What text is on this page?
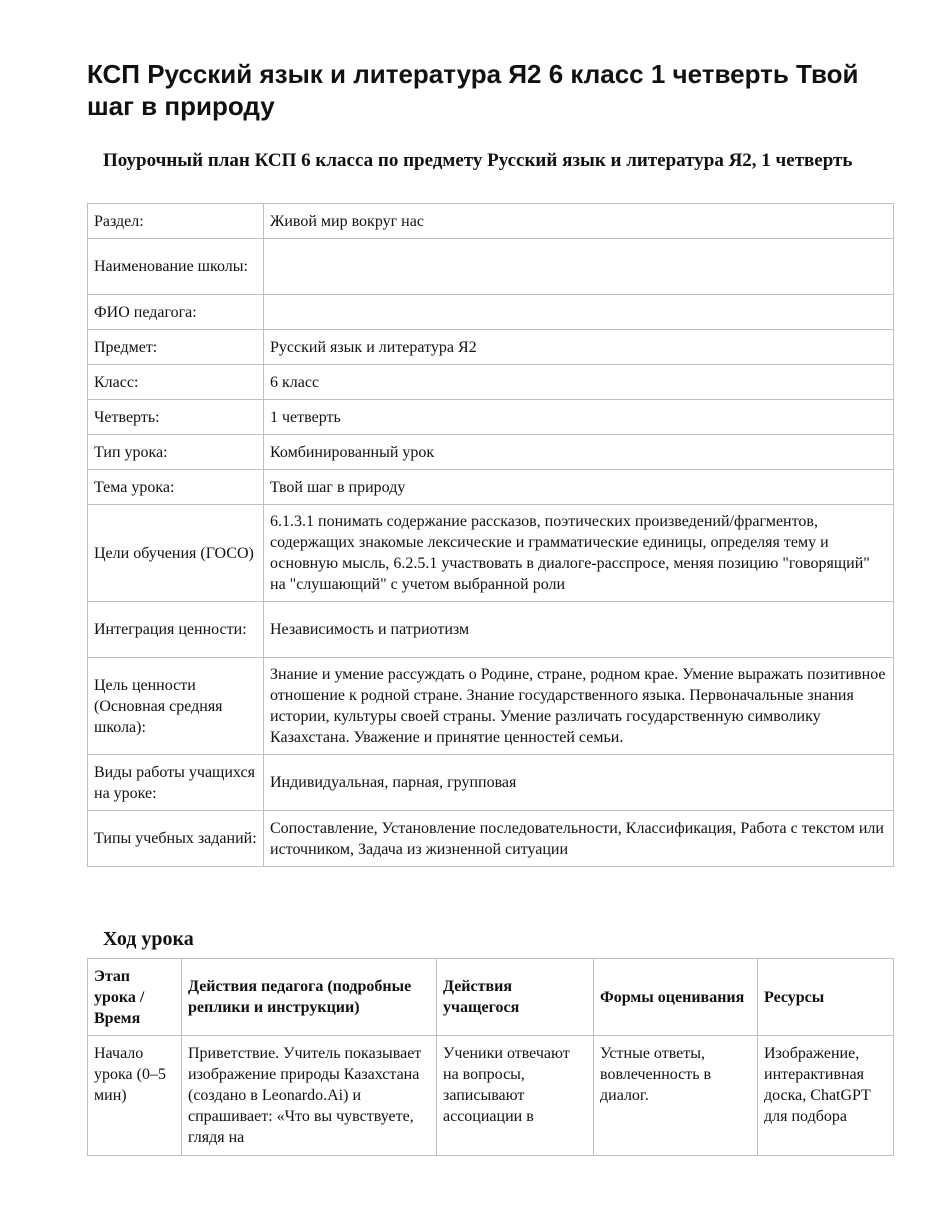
КСП Русский язык и литература Я2 6 класс 1 четверть Твой шаг в природу
Поурочный план КСП 6 класса по предмету Русский язык и литература Я2, 1 четверть
Раздел:	Живой мир вокруг нас
Наименование школы:	
ФИО педагога:	
Предмет:	Русский язык и литература Я2
Класс:	6 класс
Четверть:	1 четверть
Тип урока:	Комбинированный урок
Тема урока:	Твой шаг в природу
Цели обучения (ГОСО)	6.1.3.1 понимать содержание рассказов, поэтических произведений/фрагментов, содержащих знакомые лексические и грамматические единицы, определяя тему и основную мысль, 6.2.5.1 участвовать в диалоге-расспросе, меняя позицию "говорящий" на "слушающий" с учетом выбранной роли
Интеграция ценности:	Независимость и патриотизм
Цель ценности (Основная средняя школа):	Знание и умение рассуждать о Родине, стране, родном крае. Умение выражать позитивное отношение к родной стране. Знание государственного языка. Первоначальные знания истории, культуры своей страны. Умение различать государственную символику Казахстана. Уважение и принятие ценностей семьи.
Виды работы учащихся на уроке:	Индивидуальная, парная, групповая
Типы учебных заданий:	Сопоставление, Установление последовательности, Классификация, Работа с текстом или источником, Задача из жизненной ситуации
Ход урока
Этап урока / Время	Действия педагога (подробные реплики и инструкции)	Действия учащегося	Формы оценивания	Ресурсы
Начало урока (0–5 мин)	Приветствие. Учитель показывает изображение природы Казахстана (создано в Leonardo.Ai) и спрашивает: «Что вы чувствуете, глядя на	Ученики отвечают на вопросы, записывают ассоциации в	Устные ответы, вовлеченность в диалог.	Изображение, интерактивная доска, ChatGPT для подбора
